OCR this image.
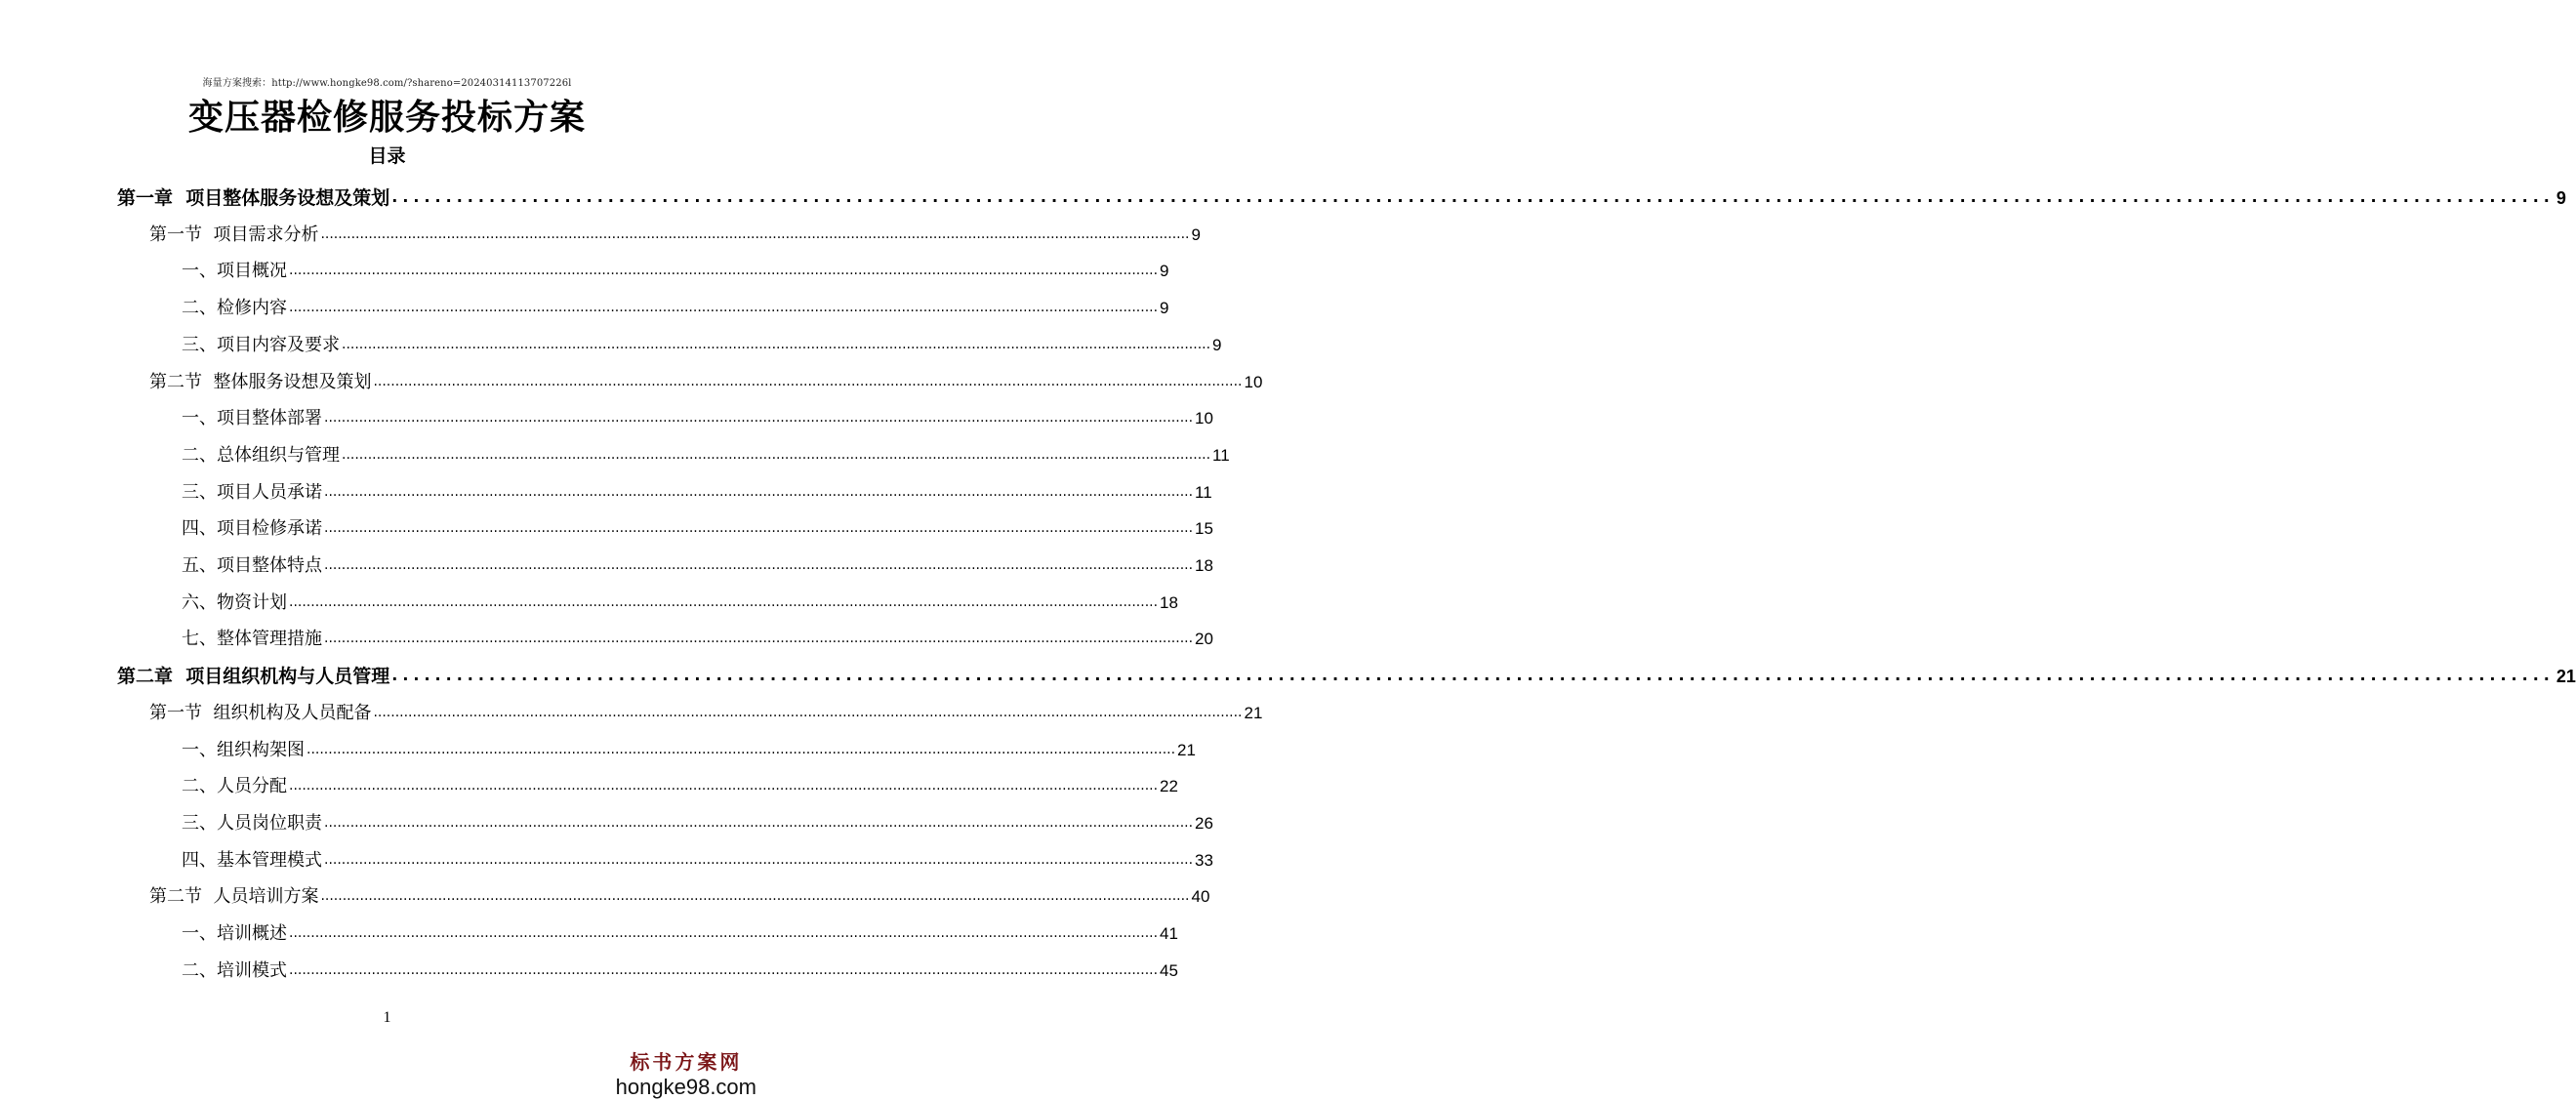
海量方案搜索：http://www.hongke98.com/?shareno=20240314113707226l
变压器检修服务投标方案
目录
第一章  项目整体服务设想及策划 ........................................................................................................................................................................................................ 9
第一节  项目需求分析 ........................................................................................................................................................................................................ 9
一、项目概况 ........................................................................................................................................................................................................ 9
二、检修内容 ........................................................................................................................................................................................................ 9
三、项目内容及要求 ........................................................................................................................................................................................................ 9
第二节  整体服务设想及策划 ........................................................................................................................................................................................................ 10
一、项目整体部署 ........................................................................................................................................................................................................ 10
二、总体组织与管理 ........................................................................................................................................................................................................ 11
三、项目人员承诺 ........................................................................................................................................................................................................ 11
四、项目检修承诺 ........................................................................................................................................................................................................ 15
五、项目整体特点 ........................................................................................................................................................................................................ 18
六、物资计划 ........................................................................................................................................................................................................ 18
七、整体管理措施 ........................................................................................................................................................................................................ 20
第二章  项目组织机构与人员管理 ........................................................................................................................................................................................................ 21
第一节  组织机构及人员配备 ........................................................................................................................................................................................................ 21
一、组织构架图 ........................................................................................................................................................................................................ 21
二、人员分配 ........................................................................................................................................................................................................ 22
三、人员岗位职责 ........................................................................................................................................................................................................ 26
四、基本管理模式 ........................................................................................................................................................................................................ 33
第二节  人员培训方案 ........................................................................................................................................................................................................ 40
一、培训概述 ........................................................................................................................................................................................................ 41
二、培训模式 ........................................................................................................................................................................................................ 45
1
标书方案网
hongke98.com
